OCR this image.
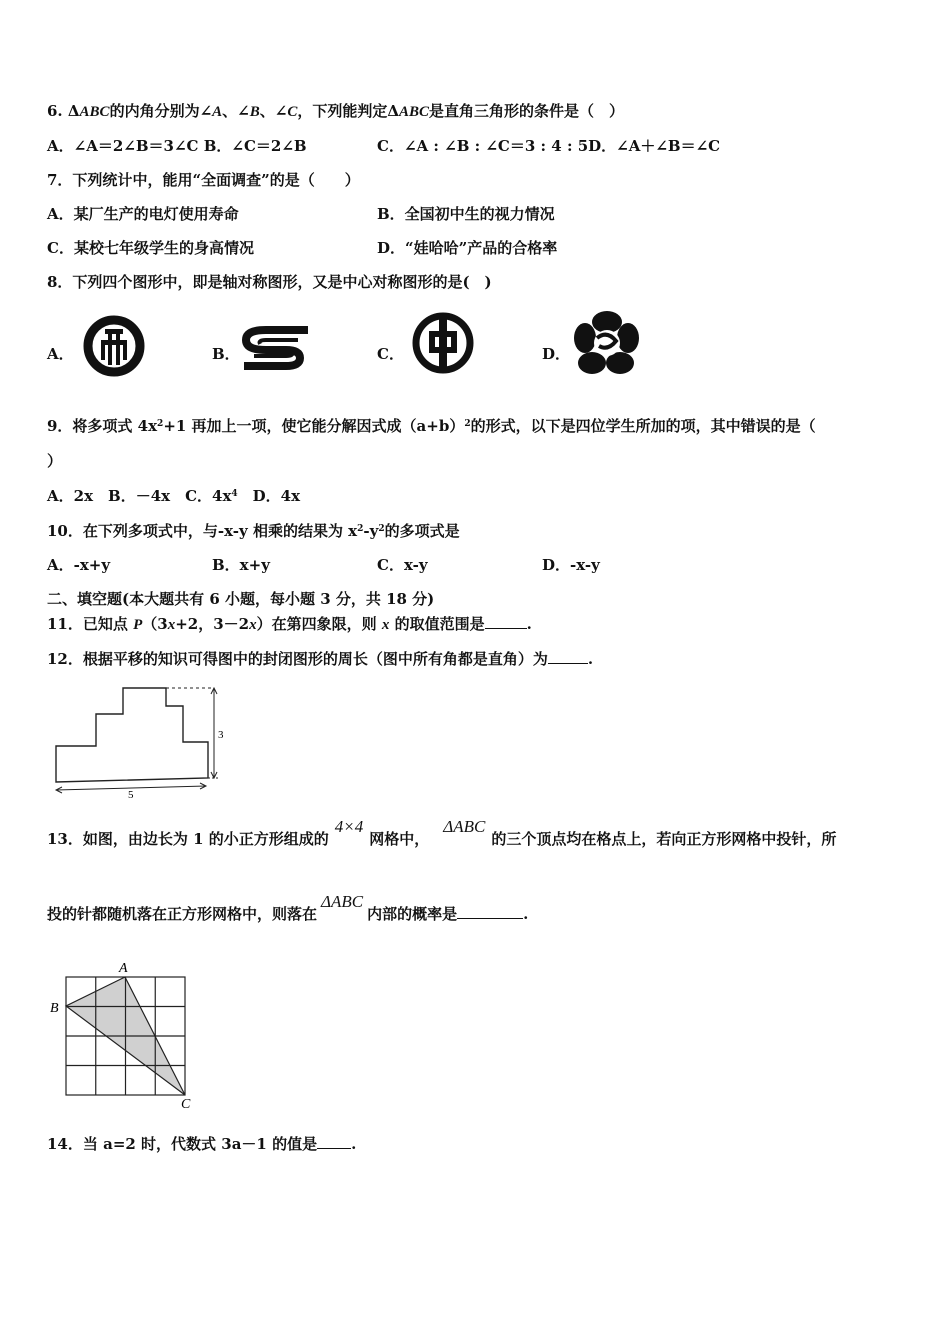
6. ΔABC的内角分别为∠A、∠B、∠C，下列能判定ΔABC是直角三角形的条件是（　）
A．∠A＝2∠B＝3∠C B．∠C＝2∠B	C．∠A : ∠B : ∠C＝3 : 4 : 5D．∠A＋∠B＝∠C
7．下列统计中，能用“全面调查”的是（　　）
A．某厂生产的电灯使用寿命	B．全国初中生的视力情况
C．某校七年级学生的身高情况	D．“娃哈哈”产品的合格率
8．下列四个图形中，即是轴对称图形，又是中心对称图形的是(　)
A．	B．	C．	D．
9．将多项式 $4x^2+1$ 再加上一项，使它能分解因式成$(a+b)^2$的形式，以下是四位学生所加的项，其中错误的是（
）
A．2x　B．－4x　C．$4x^4$　D．4x
10．在下列多项式中，与-x-y 相乘的结果为 $x^2-y^2$的多项式是
A．-x+y	B．x+y	C．x-y	D．-x-y
二、填空题(本大题共有 6 小题，每小题 3 分，共 18 分)
11．已知点 P（3x+2，3－2x）在第四象限，则 x 的取值范围是	.
12．根据平移的知识可得图中的封闭图形的周长（图中所有角都是直角）为	.
3
5
13．如图，由边长为 1 的小正方形组成的4×4网格中，ΔABC的三个顶点均在格点上，若向正方形网格中投针，所
投的针都随机落在正方形网格中，则落在ΔABC内部的概率是	.
A
B
C
14．当 a=2 时，代数式 3a－1 的值是 .
